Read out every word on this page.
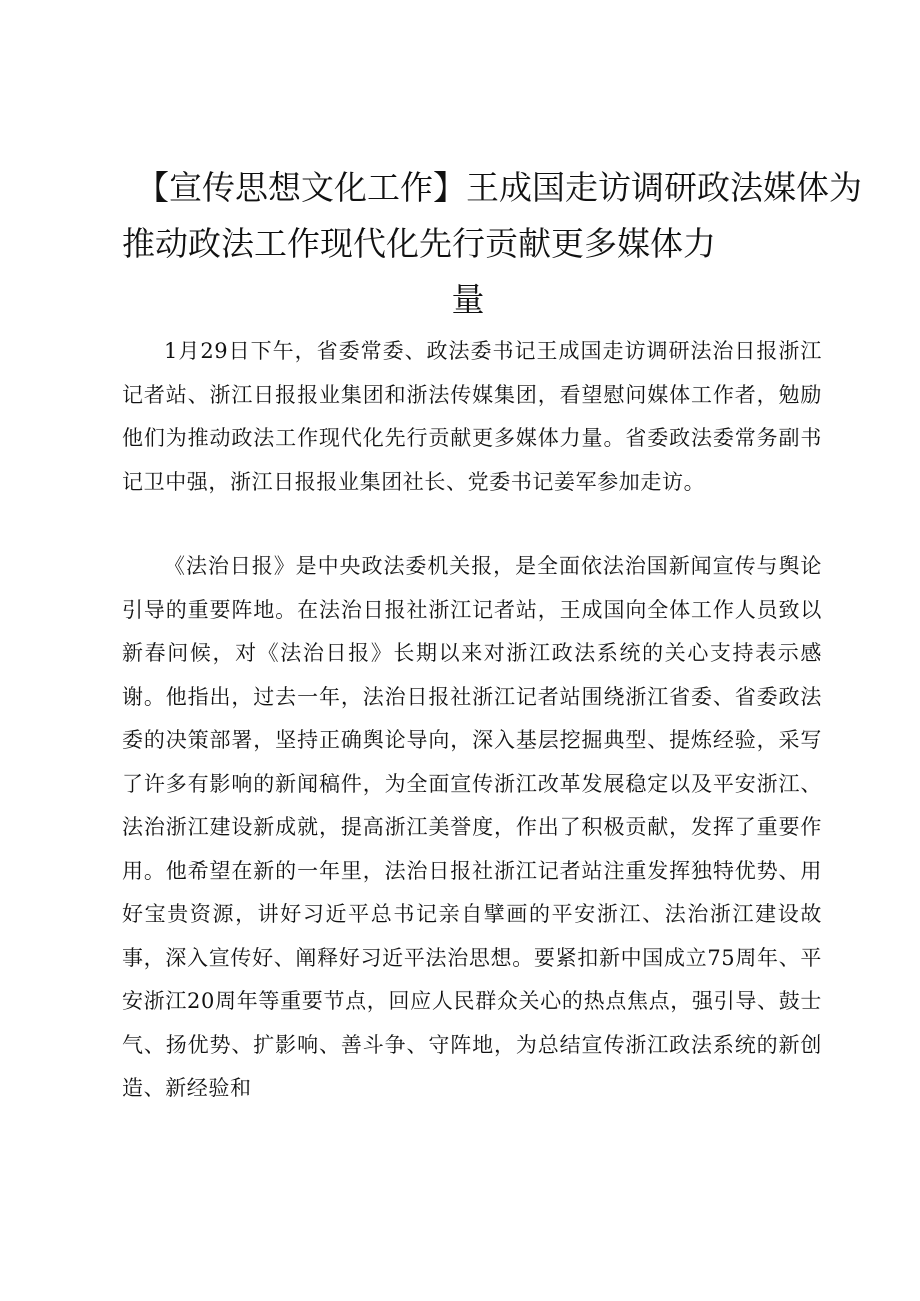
【宣传思想文化工作】王成国走访调研政法媒体为
推动政法工作现代化先行贡献更多媒体力
量

1月29日下午，省委常委、政法委书记王成国走访调研法治日报浙江记者站、浙江日报报业集团和浙法传媒集团，看望慰问媒体工作者，勉励他们为推动政法工作现代化先行贡献更多媒体力量。省委政法委常务副书记卫中强，浙江日报报业集团社长、党委书记姜军参加走访。

《法治日报》是中央政法委机关报，是全面依法治国新闻宣传与舆论引导的重要阵地。在法治日报社浙江记者站，王成国向全体工作人员致以新春问候，对《法治日报》长期以来对浙江政法系统的关心支持表示感谢。他指出，过去一年，法治日报社浙江记者站围绕浙江省委、省委政法委的决策部署，坚持正确舆论导向，深入基层挖掘典型、提炼经验，采写了许多有影响的新闻稿件，为全面宣传浙江改革发展稳定以及平安浙江、法治浙江建设新成就，提高浙江美誉度，作出了积极贡献，发挥了重要作用。他希望在新的一年里，法治日报社浙江记者站注重发挥独特优势、用好宝贵资源，讲好习近平总书记亲自擘画的平安浙江、法治浙江建设故事，深入宣传好、阐释好习近平法治思想。要紧扣新中国成立75周年、平安浙江20周年等重要节点，回应人民群众关心的热点焦点，强引导、鼓士气、扬优势、扩影响、善斗争、守阵地，为总结宣传浙江政法系统的新创造、新经验和
